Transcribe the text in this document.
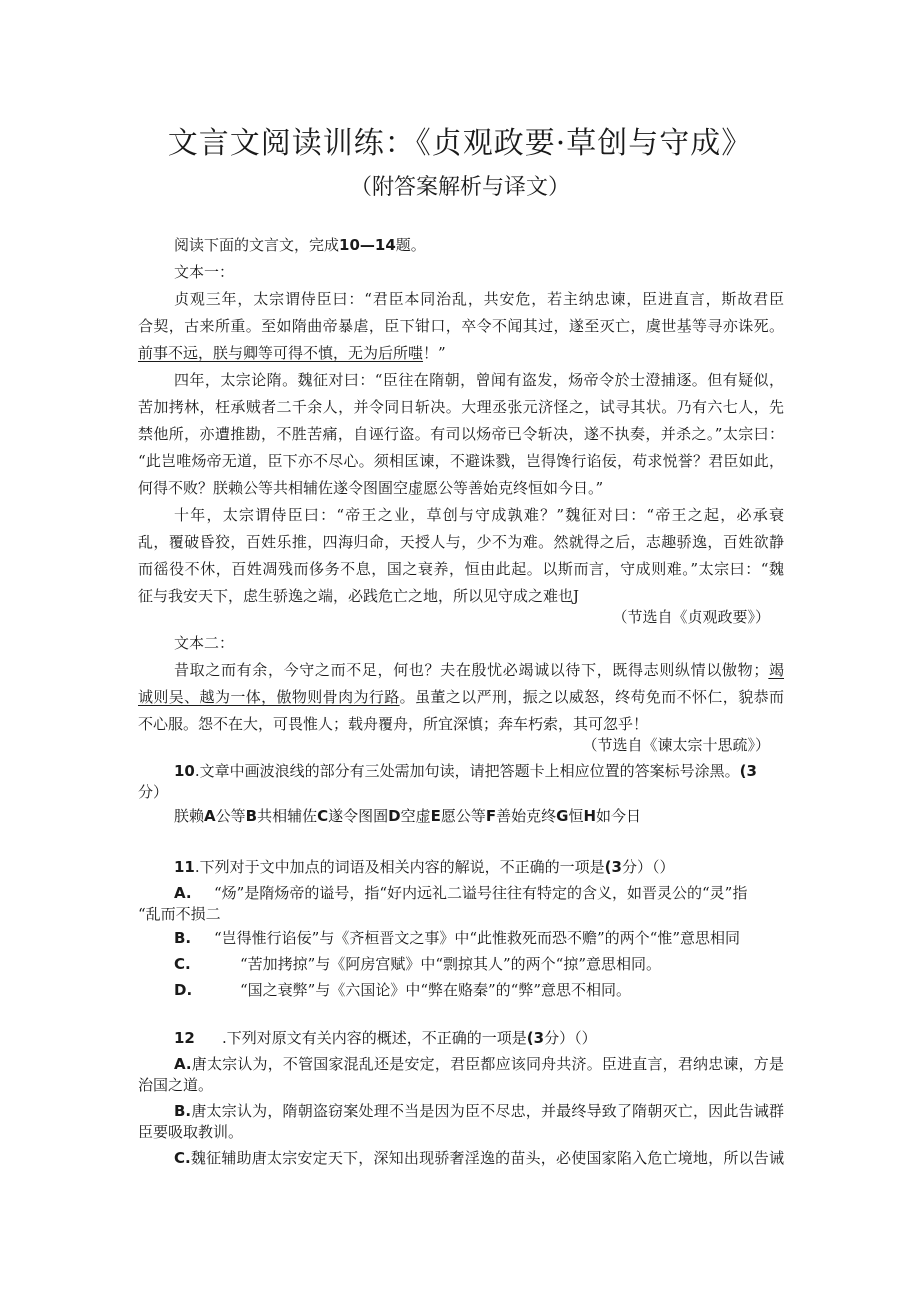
文言文阅读训练：《贞观政要·草创与守成》
（附答案解析与译文）
阅读下面的文言文，完成10—14题。
文本一：
贞观三年，太宗谓侍臣曰：“君臣本同治乱，共安危，若主纳忠谏，臣进直言，斯故君臣
合契，古来所重。至如隋曲帝暴虐，臣下钳口，卒令不闻其过，遂至灭亡，虞世基等寻亦诛死。
前事不远，朕与卿等可得不慎，无为后所嗤！”
四年，太宗论隋。魏征对曰：“臣往在隋朝，曾闻有盗发，炀帝令於士澄捕逐。但有疑似，
苦加拷林，枉承贼者二千余人，并令同日斩决。大理丞张元济怪之，试寻其状。乃有六七人，先
禁他所，亦遭推勘，不胜苦痛，自诬行盗。有司以炀帝已令斩决，遂不执奏，并杀之。”太宗曰：
“此岂唯炀帝无道，臣下亦不尽心。须相匡谏，不避诛戮，岂得馋行谄佞，苟求悦誉？君臣如此，
何得不败？朕赖公等共相辅佐遂令图圄空虚愿公等善始克终恒如今日。”
十年，太宗谓侍臣曰：“帝王之业，草创与守成孰难？”魏征对曰：“帝王之起，必承衰
乱，覆破昏狡，百姓乐推，四海归命，天授人与，少不为难。然就得之后，志趣骄逸，百姓欲静
而徭役不休，百姓凋残而侈务不息，国之衰养，恒由此起。以斯而言，守成则难。”太宗曰：“魏
征与我安天下，虑生骄逸之端，必践危亡之地，所以见守成之难也J
（节选自《贞观政要》）
文本二：
昔取之而有余，今守之而不足，何也？夫在殷忧必竭诚以待下，既得志则纵情以傲物；竭
诚则吴、越为一体，傲物则骨肉为行路。虽董之以严刑，振之以威怒，终苟免而不怀仁，貌恭而
不心服。怨不在大，可畏惟人；载舟覆舟，所宜深慎；奔车朽索，其可忽乎！
（节选自《谏太宗十思疏》）
10.文章中画波浪线的部分有三处需加句读，请把答题卡上相应位置的答案标号涂黑。(3
分）
朕赖A公等B共相辅佐C遂令图圄D空虚E愿公等F善始克终G恒H如今日
11.下列对于文中加点的词语及相关内容的解说，不正确的一项是(3分）（）
A. “炀”是隋炀帝的谥号，指“好内远礼二谥号往往有特定的含义，如晋灵公的“灵”指
“乱而不损二
B. “岂得惟行谄佞”与《齐桓晋文之事》中“此惟救死而恐不赡”的两个“惟”意思相同
C.	“苦加拷掠”与《阿房宫赋》中“剽掠其人”的两个“掠”意思相同。
D.	“国之衰弊”与《六国论》中“弊在赂秦”的“弊”意思不相同。
12 .下列对原文有关内容的概述，不正确的一项是(3分）（）
A.唐太宗认为，不管国家混乱还是安定，君臣都应该同舟共济。臣进直言，君纳忠谏，方是
治国之道。
B.唐太宗认为，隋朝盗窃案处理不当是因为臣不尽忠，并最终导致了隋朝灭亡，因此告诫群
臣要吸取教训。
C.魏征辅助唐太宗安定天下，深知出现骄奢淫逸的苗头，必使国家陷入危亡境地，所以告诫
